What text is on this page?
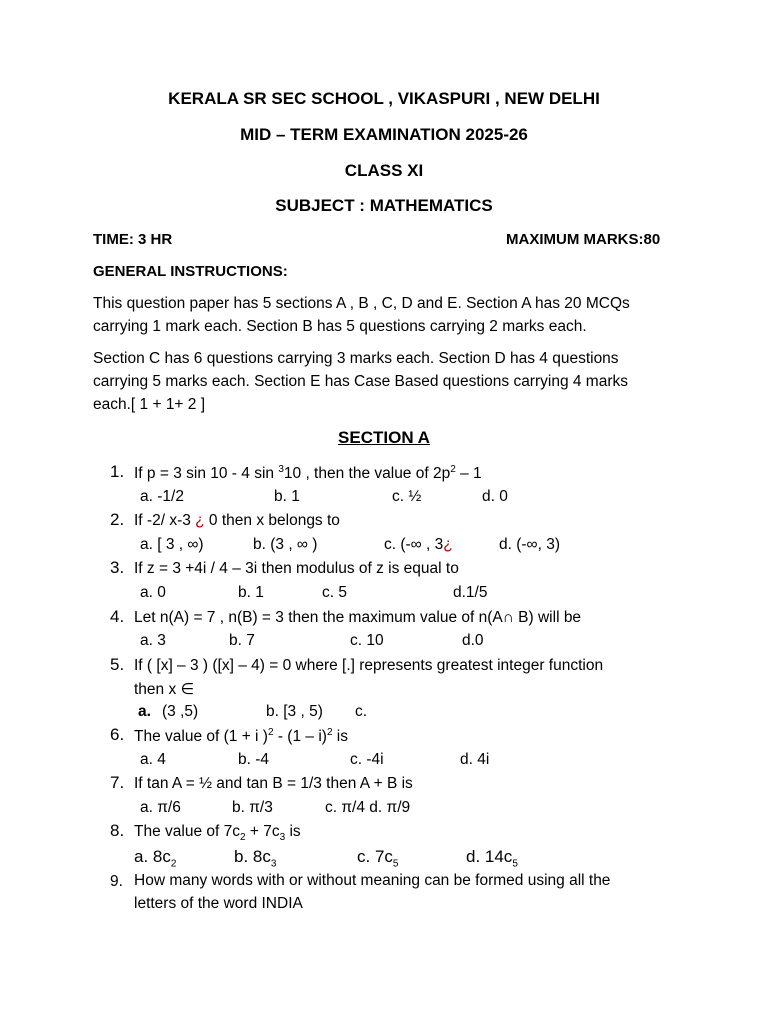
KERALA SR SEC SCHOOL , VIKASPURI , NEW DELHI
MID – TERM EXAMINATION 2025-26
CLASS XI
SUBJECT : MATHEMATICS
TIME: 3 HR	MAXIMUM MARKS:80
GENERAL INSTRUCTIONS:
This question paper has 5 sections A , B , C, D and E. Section A has 20 MCQs carrying 1 mark each. Section B has 5 questions carrying 2 marks each.
Section C has 6 questions carrying 3 marks each. Section D has 4 questions carrying 5 marks each. Section E has Case Based questions carrying 4 marks each.[ 1 + 1+ 2 ]
SECTION A
1. If p = 3 sin 10 - 4 sin $^3$10 , then the value of $2p^2 - 1$
a. -1/2	b. 1	c. ½	d. 0
2. If -2/ x-3 ¿ 0 then x belongs to
a. [ 3 , ∞)	b. (3 , ∞ )	c. (-∞ , 3¿	d. (-∞, 3)
3. If z = 3 +4i / 4 – 3i then modulus of z is equal to
a. 0	b. 1	c. 5	d.1/5
4. Let n(A) = 7 , n(B) = 3 then the maximum value of n(A∩ B) will be
a. 3	b. 7	c. 10	d.0
5. If ( [x] – 3 ) ([x] – 4) = 0 where [.] represents greatest integer function
then x ∈
a. (3 ,5)	b. [3 , 5) c.
6. The value of (1 + i )$^2$ - (1 – i)$^2$ is
a. 4	b. -4	c. -4i	d. 4i
7. If tan A = ½ and tan B = 1/3 then A + B is
a. π/6	b. π/3	c. π/4 d. π/9
8. The value of $7c_2 + 7c_3$ is
a. $8c_2$	b. $8c_3$	c. $7c_5$	d. $14c_5$
9. How many words with or without meaning can be formed using all the
letters of the word INDIA
